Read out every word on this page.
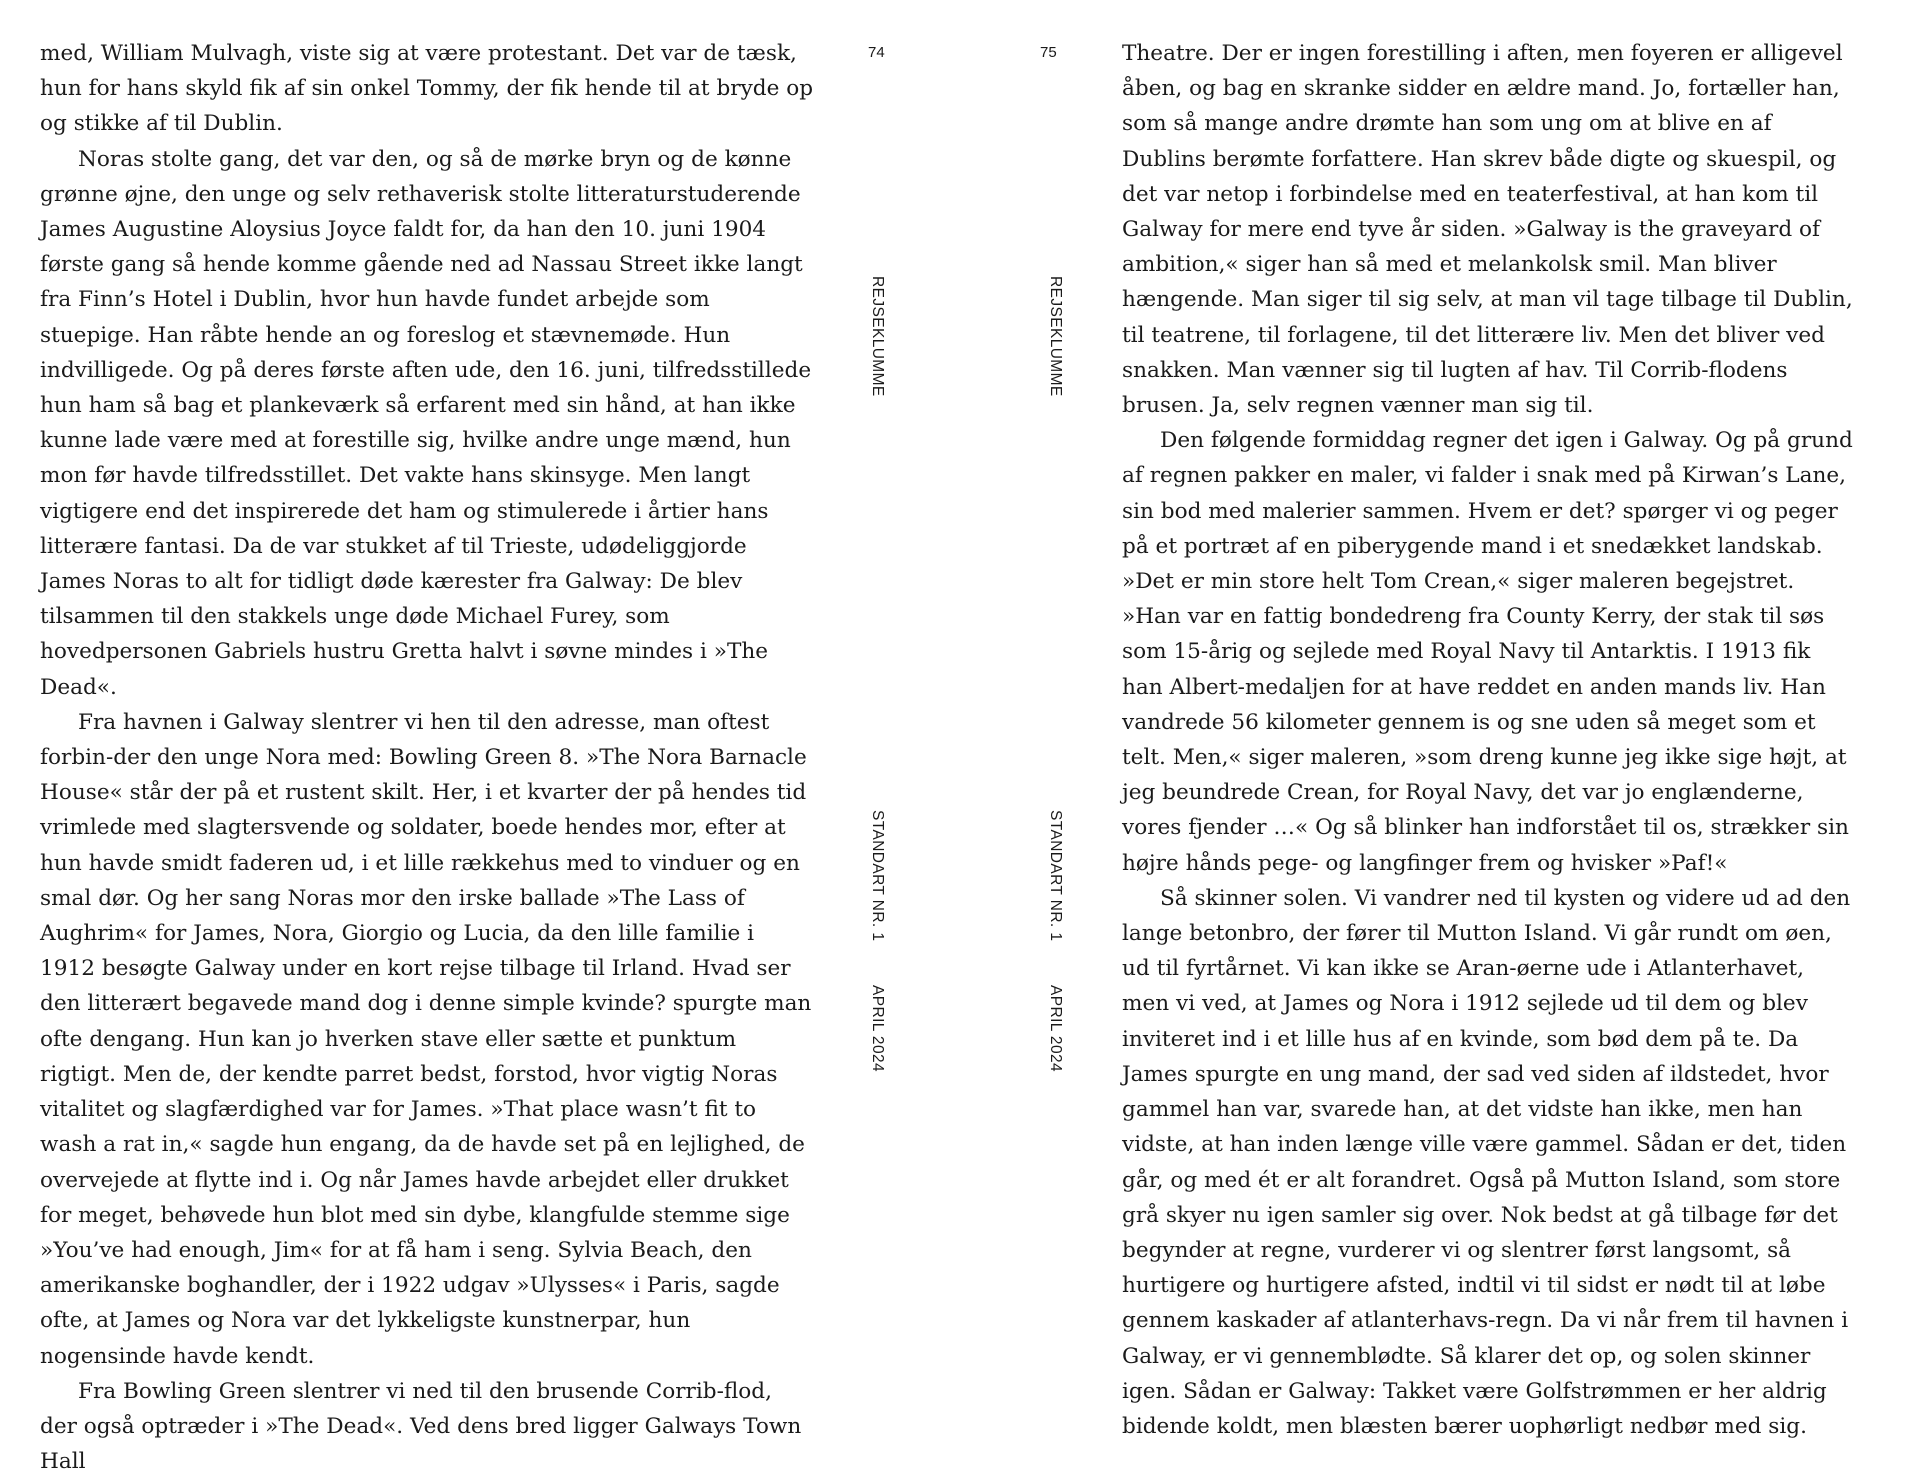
med, William Mulvagh, viste sig at være protestant. Det var de tæsk, hun for hans skyld fik af sin onkel Tommy, der fik hende til at bryde op og stikke af til Dublin.

Noras stolte gang, det var den, og så de mørke bryn og de kønne grønne øjne, den unge og selv rethaverisk stolte litteraturstuderende James Augustine Aloysius Joyce faldt for, da han den 10. juni 1904 første gang så hende komme gående ned ad Nassau Street ikke langt fra Finn’s Hotel i Dublin, hvor hun havde fundet arbejde som stuepige. Han råbte hende an og foreslog et stævnemøde. Hun indvilligede. Og på deres første aften ude, den 16. juni, tilfredsstillede hun ham så bag et plankeværk så erfarent med sin hånd, at han ikke kunne lade være med at forestille sig, hvilke andre unge mænd, hun mon før havde tilfredsstillet. Det vakte hans skinsyge. Men langt vigtigere end det inspirerede det ham og stimulerede i årtier hans litterære fantasi. Da de var stukket af til Trieste, udødeliggjorde James Noras to alt for tidligt døde kærester fra Galway: De blev tilsammen til den stakkels unge døde Michael Furey, som hovedpersonen Gabriels hustru Gretta halvt i søvne mindes i »The Dead«.

Fra havnen i Galway slentrer vi hen til den adresse, man oftest forbin-der den unge Nora med: Bowling Green 8. »The Nora Barnacle House« står der på et rustent skilt. Her, i et kvarter der på hendes tid vrimlede med slagtersvende og soldater, boede hendes mor, efter at hun havde smidt faderen ud, i et lille rækkehus med to vinduer og en smal dør. Og her sang Noras mor den irske ballade »The Lass of Aughrim« for James, Nora, Giorgio og Lucia, da den lille familie i 1912 besøgte Galway under en kort rejse tilbage til Irland. Hvad ser den litterært begavede mand dog i denne simple kvinde? spurgte man ofte dengang. Hun kan jo hverken stave eller sætte et punktum rigtigt. Men de, der kendte parret bedst, forstod, hvor vigtig Noras vitalitet og slagfærdighed var for James. »That place wasn’t fit to wash a rat in,« sagde hun engang, da de havde set på en lejlighed, de overvejede at flytte ind i. Og når James havde arbejdet eller drukket for meget, behøvede hun blot med sin dybe, klangfulde stemme sige »You’ve had enough, Jim« for at få ham i seng. Sylvia Beach, den amerikanske boghandler, der i 1922 udgav »Ulysses« i Paris, sagde ofte, at James og Nora var det lykkeligste kunstnerpar, hun nogensinde havde kendt.

Fra Bowling Green slentrer vi ned til den brusende Corrib-flod, der også optræder i »The Dead«. Ved dens bred ligger Galways Town Hall

74
REJSEKLUMME
STANDART NR. 1
APRIL 2024
75
REJSEKLUMME
STANDART NR. 1
APRIL 2024

Theatre. Der er ingen forestilling i aften, men foyeren er alligevel åben, og bag en skranke sidder en ældre mand. Jo, fortæller han, som så mange andre drømte han som ung om at blive en af Dublins berømte forfattere. Han skrev både digte og skuespil, og det var netop i forbindelse med en teaterfestival, at han kom til Galway for mere end tyve år siden. »Galway is the graveyard of ambition,« siger han så med et melankolsk smil. Man bliver hængende. Man siger til sig selv, at man vil tage tilbage til Dublin, til teatrene, til forlagene, til det litterære liv. Men det bliver ved snakken. Man vænner sig til lugten af hav. Til Corrib-flodens brusen. Ja, selv regnen vænner man sig til.

Den følgende formiddag regner det igen i Galway. Og på grund af regnen pakker en maler, vi falder i snak med på Kirwan’s Lane, sin bod med malerier sammen. Hvem er det? spørger vi og peger på et portræt af en piberygende mand i et snedækket landskab. »Det er min store helt Tom Crean,« siger maleren begejstret. »Han var en fattig bondedreng fra County Kerry, der stak til søs som 15-årig og sejlede med Royal Navy til Antarktis. I 1913 fik han Albert-medaljen for at have reddet en anden mands liv. Han vandrede 56 kilometer gennem is og sne uden så meget som et telt. Men,« siger maleren, »som dreng kunne jeg ikke sige højt, at jeg beundrede Crean, for Royal Navy, det var jo englænderne, vores fjender …« Og så blinker han indforstået til os, strækker sin højre hånds pege- og langfinger frem og hvisker »Paf!«

Så skinner solen. Vi vandrer ned til kysten og videre ud ad den lange betonbro, der fører til Mutton Island. Vi går rundt om øen, ud til fyrtårnet. Vi kan ikke se Aran-øerne ude i Atlanterhavet, men vi ved, at James og Nora i 1912 sejlede ud til dem og blev inviteret ind i et lille hus af en kvinde, som bød dem på te. Da James spurgte en ung mand, der sad ved siden af ildstedet, hvor gammel han var, svarede han, at det vidste han ikke, men han vidste, at han inden længe ville være gammel. Sådan er det, tiden går, og med ét er alt forandret. Også på Mutton Island, som store grå skyer nu igen samler sig over. Nok bedst at gå tilbage før det begynder at regne, vurderer vi og slentrer først langsomt, så hurtigere og hurtigere afsted, indtil vi til sidst er nødt til at løbe gennem kaskader af atlanterhavs-regn. Da vi når frem til havnen i Galway, er vi gennemblødte. Så klarer det op, og solen skinner igen. Sådan er Galway: Takket være Golfstrømmen er her aldrig bidende koldt, men blæsten bærer uophørligt nedbør med sig.
